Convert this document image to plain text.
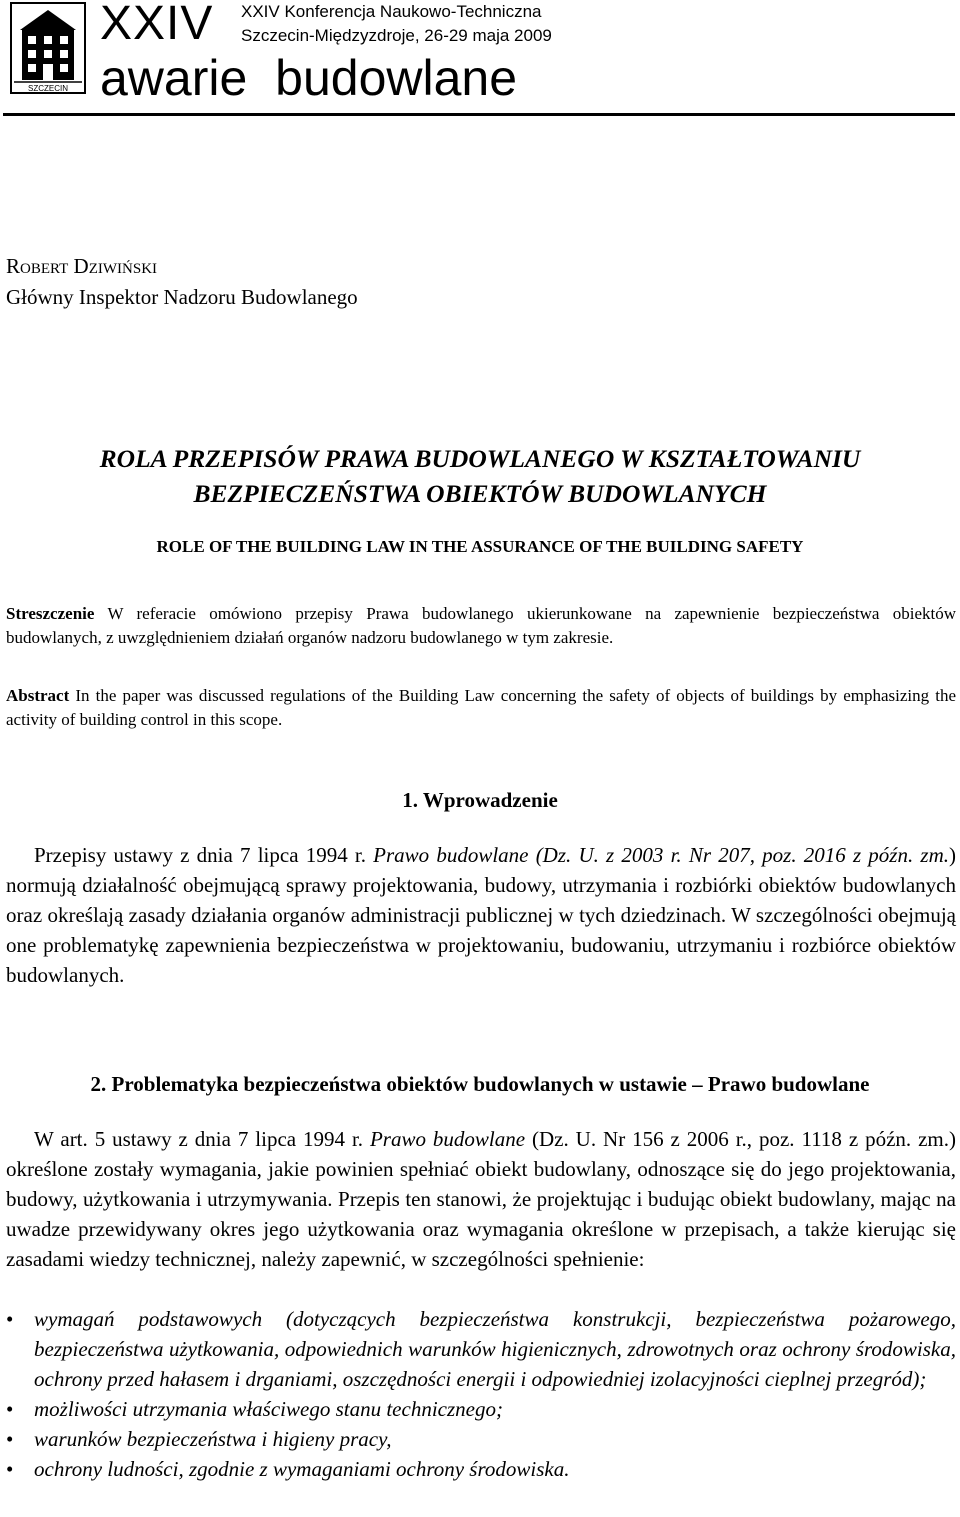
SZCZECIN
XXIV XXIV Konferencja Naukowo-Techniczna
Szczecin-Międzyzdroje, 26-29 maja 2009
awarie budowlane
ROBERT DZIWIŃSKI
Główny Inspektor Nadzoru Budowlanego
ROLA PRZEPISÓW PRAWA BUDOWLANEGO W KSZTAŁTOWANIU
BEZPIECZEŃSTWA OBIEKTÓW BUDOWLANYCH
ROLE OF THE BUILDING LAW IN THE ASSURANCE OF THE BUILDING SAFETY
Streszczenie W referacie omówiono przepisy Prawa budowlanego ukierunkowane na zapewnienie bezpieczeństwa obiektów budowlanych, z uwzględnieniem działań organów nadzoru budowlanego w tym zakresie.
Abstract In the paper was discussed regulations of the Building Law concerning the safety of objects of buildings by emphasizing the activity of building control in this scope.
1. Wprowadzenie
Przepisy ustawy z dnia 7 lipca 1994 r. Prawo budowlane (Dz. U. z 2003 r. Nr 207, poz. 2016 z późn. zm.) normują działalność obejmującą sprawy projektowania, budowy, utrzymania i rozbiórki obiektów budowlanych oraz określają zasady działania organów administracji publicznej w tych dziedzinach. W szczególności obejmują one problematykę zapewnienia bezpieczeństwa w projektowaniu, budowaniu, utrzymaniu i rozbiórce obiektów budowlanych.
2. Problematyka bezpieczeństwa obiektów budowlanych w ustawie – Prawo budowlane
W art. 5 ustawy z dnia 7 lipca 1994 r. Prawo budowlane (Dz. U. Nr 156 z 2006 r., poz. 1118 z późn. zm.) określone zostały wymagania, jakie powinien spełniać obiekt budowlany, odnoszące się do jego projektowania, budowy, użytkowania i utrzymywania. Przepis ten stanowi, że projektując i budując obiekt budowlany, mając na uwadze przewidywany okres jego użytkowania oraz wymagania określone w przepisach, a także kierując się zasadami wiedzy technicznej, należy zapewnić, w szczególności spełnienie:
• wymagań podstawowych (dotyczących bezpieczeństwa konstrukcji, bezpieczeństwa pożarowego, bezpieczeństwa użytkowania, odpowiednich warunków higienicznych, zdrowotnych oraz ochrony środowiska, ochrony przed hałasem i drganiami, oszczędności energii i odpowiedniej izolacyjności cieplnej przegród);
• możliwości utrzymania właściwego stanu technicznego;
• warunków bezpieczeństwa i higieny pracy,
• ochrony ludności, zgodnie z wymaganiami ochrony środowiska.
